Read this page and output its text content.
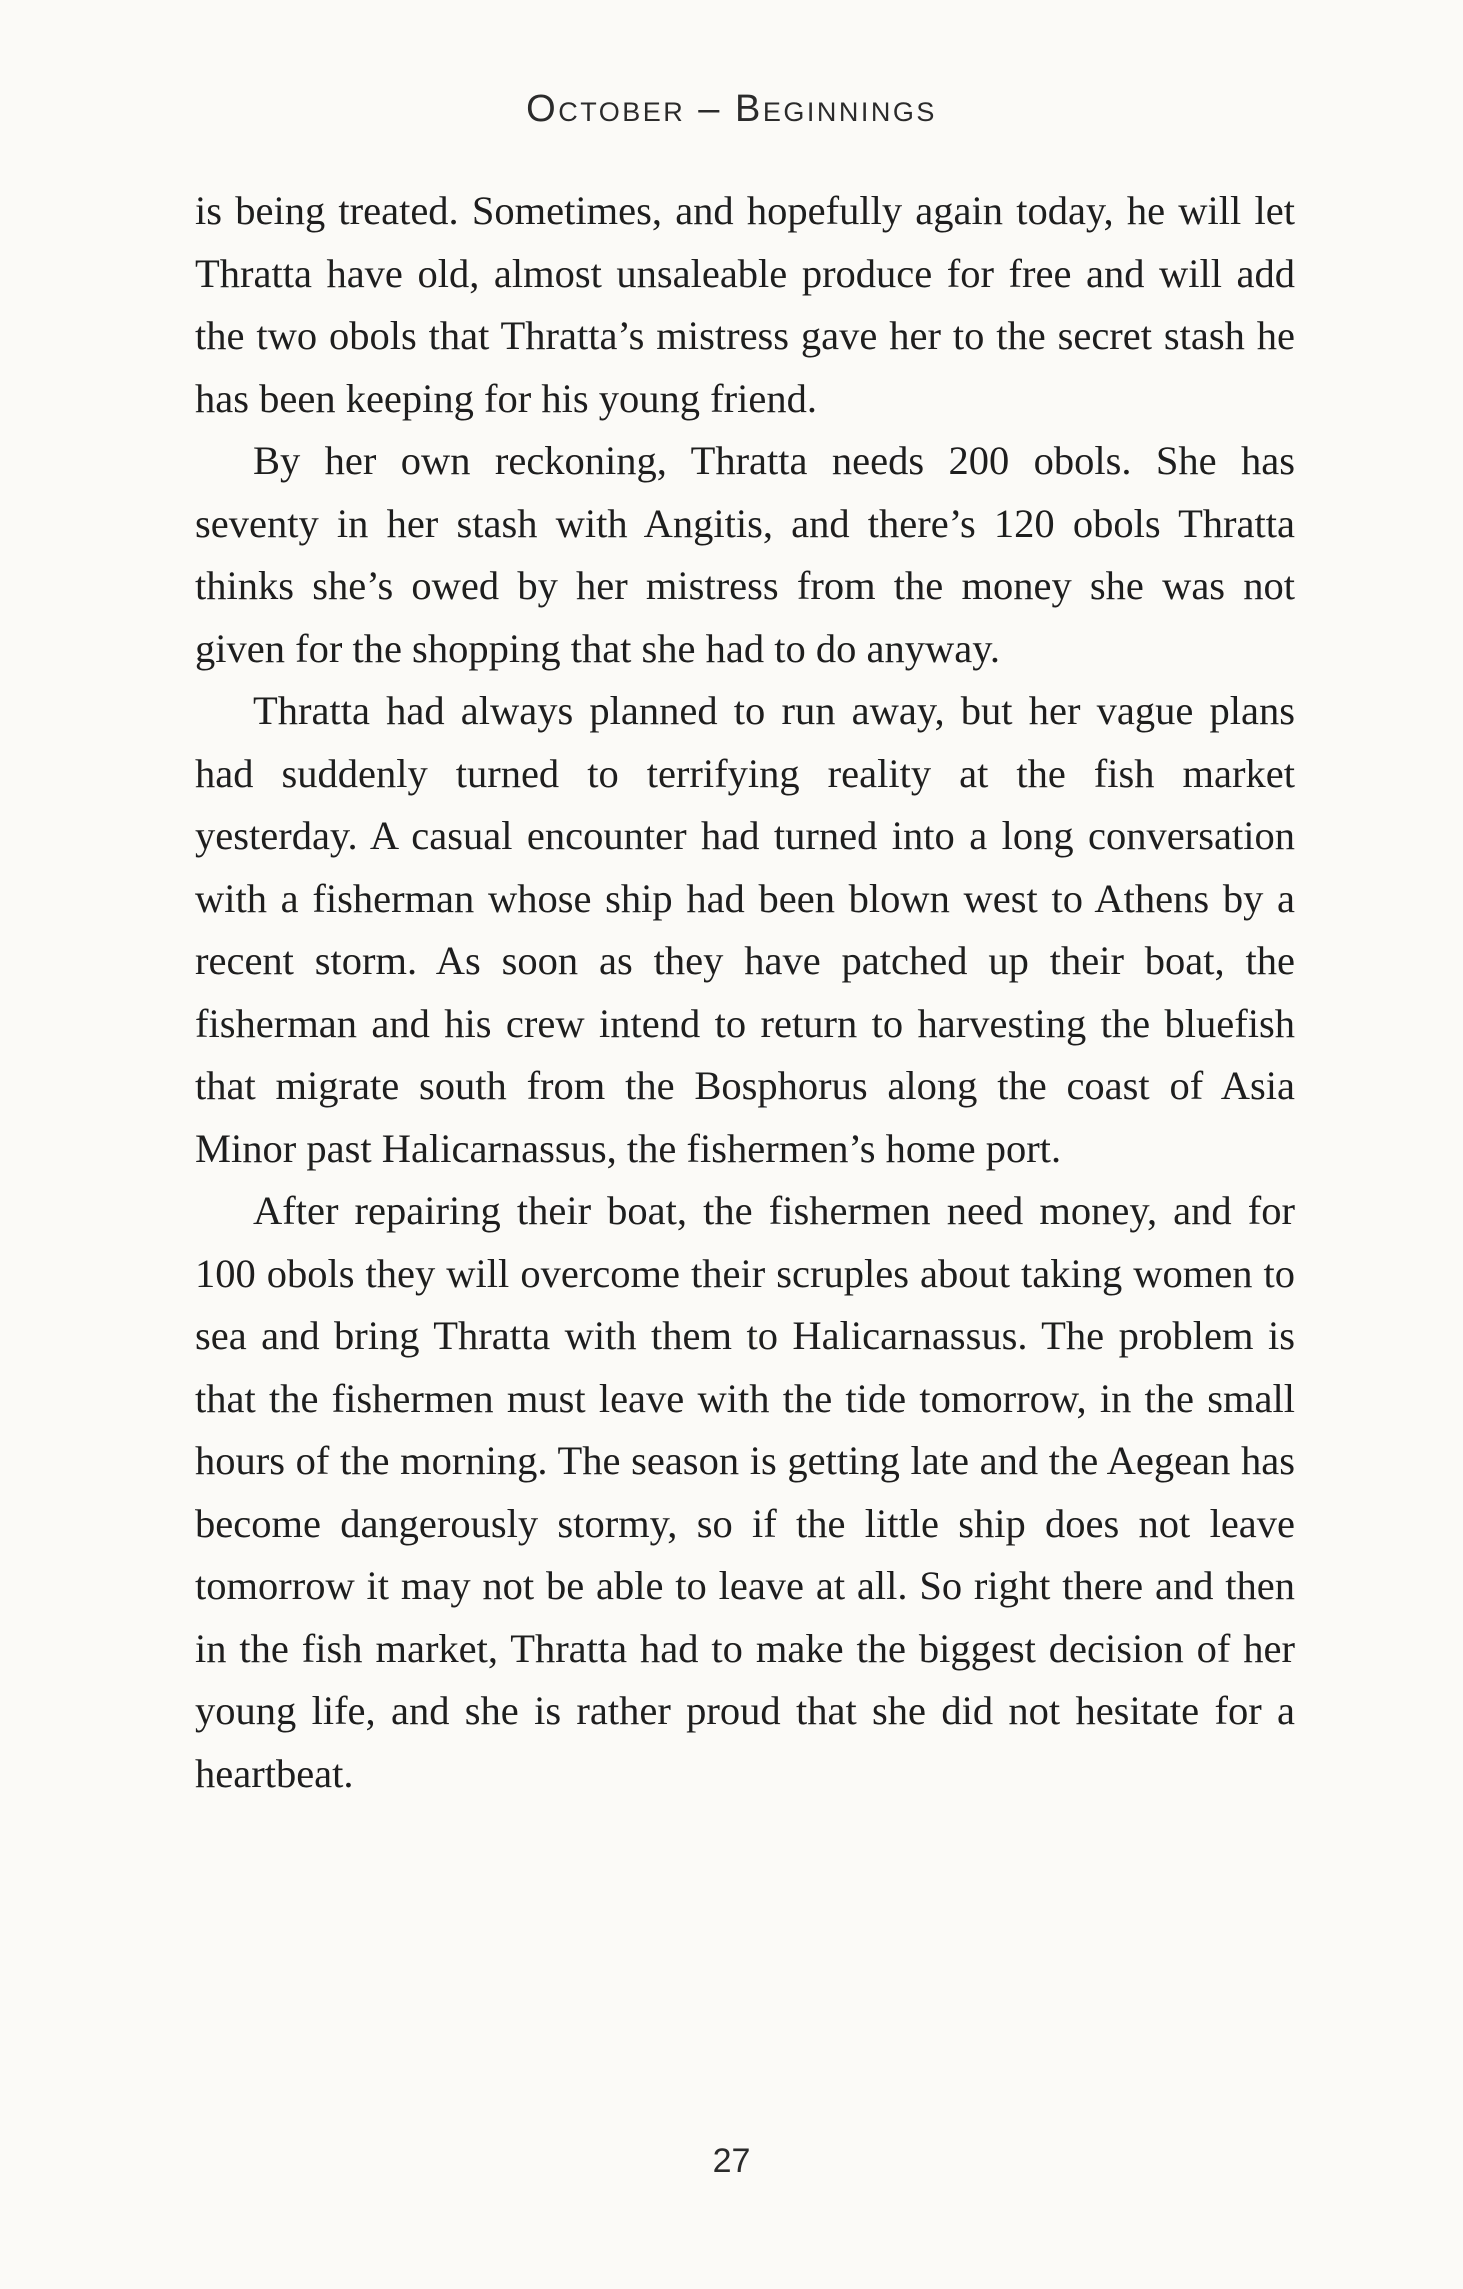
October – Beginnings

is being treated. Sometimes, and hopefully again today, he will let Thratta have old, almost unsaleable produce for free and will add the two obols that Thratta’s mistress gave her to the secret stash he has been keeping for his young friend.

By her own reckoning, Thratta needs 200 obols. She has seventy in her stash with Angitis, and there’s 120 obols Thratta thinks she’s owed by her mistress from the money she was not given for the shopping that she had to do anyway.

Thratta had always planned to run away, but her vague plans had suddenly turned to terrifying reality at the fish market yesterday. A casual encounter had turned into a long conversation with a fisherman whose ship had been blown west to Athens by a recent storm. As soon as they have patched up their boat, the fisherman and his crew intend to return to harvesting the bluefish that migrate south from the Bosphorus along the coast of Asia Minor past Halicarnassus, the fishermen’s home port.

After repairing their boat, the fishermen need money, and for 100 obols they will overcome their scruples about taking women to sea and bring Thratta with them to Halicarnassus. The problem is that the fishermen must leave with the tide tomorrow, in the small hours of the morning. The season is getting late and the Aegean has become dangerously stormy, so if the little ship does not leave tomorrow it may not be able to leave at all. So right there and then in the fish market, Thratta had to make the biggest decision of her young life, and she is rather proud that she did not hesitate for a heartbeat.

27
